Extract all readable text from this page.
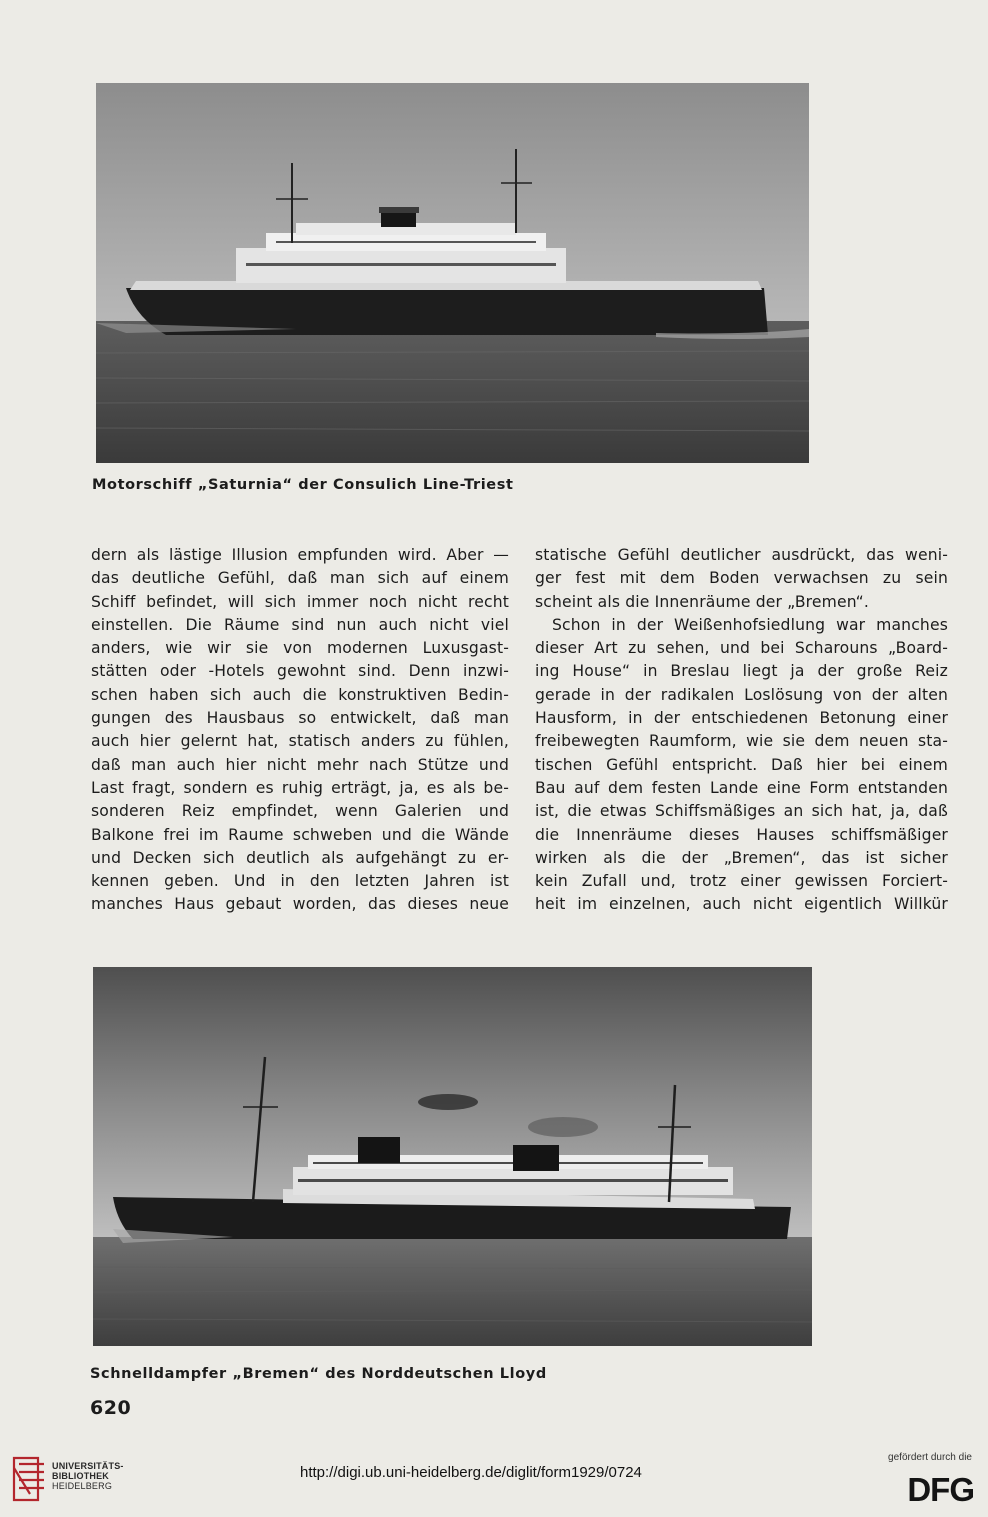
Motorschiff „Saturnia“ der Consulich Line-Triest

dern als lästige Illusion empfunden wird. Aber —

das deutliche Gefühl, daß man sich auf einem

Schiff befindet, will sich immer noch nicht recht

einstellen. Die Räume sind nun auch nicht viel

anders, wie wir sie von modernen Luxusgast-

stätten oder -Hotels gewohnt sind. Denn inzwi-

schen haben sich auch die konstruktiven Bedin-

gungen des Hausbaus so entwickelt, daß man

auch hier gelernt hat, statisch anders zu fühlen,

daß man auch hier nicht mehr nach Stütze und

Last fragt, sondern es ruhig erträgt, ja, es als be-

sonderen Reiz empfindet, wenn Galerien und

Balkone frei im Raume schweben und die Wände

und Decken sich deutlich als aufgehängt zu er-

kennen geben. Und in den letzten Jahren ist

manches Haus gebaut worden, das dieses neue

statische Gefühl deutlicher ausdrückt, das weni-

ger fest mit dem Boden verwachsen zu sein

scheint als die Innenräume der „Bremen“.

Schon in der Weißenhofsiedlung war manches

dieser Art zu sehen, und bei Scharouns „Board-

ing House“ in Breslau liegt ja der große Reiz

gerade in der radikalen Loslösung von der alten

Hausform, in der entschiedenen Betonung einer

freibewegten Raumform, wie sie dem neuen sta-

tischen Gefühl entspricht. Daß hier bei einem

Bau auf dem festen Lande eine Form entstanden

ist, die etwas Schiffsmäßiges an sich hat, ja, daß

die Innenräume dieses Hauses schiffsmäßiger

wirken als die der „Bremen“, das ist sicher

kein Zufall und, trotz einer gewissen Forciert-

heit im einzelnen, auch nicht eigentlich Willkür

Schnelldampfer „Bremen“ des Norddeutschen Lloyd
620
UNIVERSITÄTS-
BIBLIOTHEK
HEIDELBERG
http://digi.ub.uni-heidelberg.de/diglit/form1929/0724
gefördert durch die
DFG
